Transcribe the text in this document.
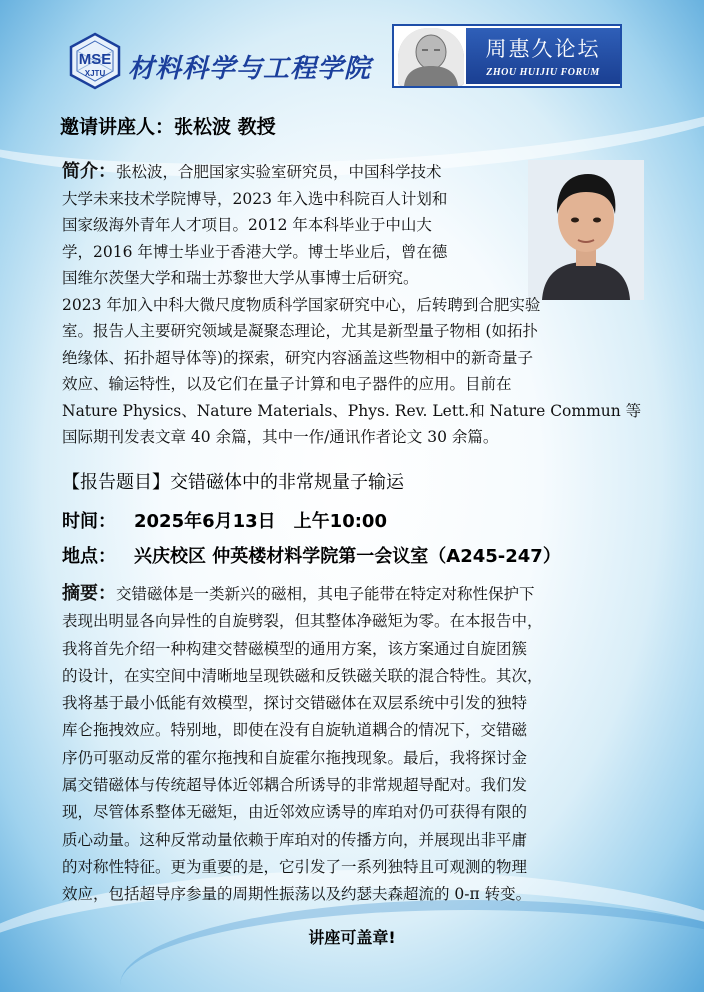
MSE
XJTU 材料科学与工程学院
周惠久论坛
ZHOU HUIJIU FORUM
邀请讲座人：张松波 教授
简介：张松波，合肥国家实验室研究员，中国科学技术
大学未来技术学院博导，2023 年入选中科院百人计划和
国家级海外青年人才项目。2012 年本科毕业于中山大
学，2016 年博士毕业于香港大学。博士毕业后，曾在德
国维尔茨堡大学和瑞士苏黎世大学从事博士后研究。
2023 年加入中科大微尺度物质科学国家研究中心，后转聘到合肥实验
室。报告人主要研究领域是凝聚态理论，尤其是新型量子物相 (如拓扑
绝缘体、拓扑超导体等)的探索，研究内容涵盖这些物相中的新奇量子
效应、输运特性，以及它们在量子计算和电子器件的应用。目前在
Nature Physics、Nature Materials、Phys. Rev. Lett.和 Nature Commun 等
国际期刊发表文章 40 余篇，其中一作/通讯作者论文 30 余篇。
【报告题目】交错磁体中的非常规量子输运
时间： 2025年6月13日 上午10:00
地点： 兴庆校区 仲英楼材料学院第一会议室（A245-247）
摘要：交错磁体是一类新兴的磁相，其电子能带在特定对称性保护下
表现出明显各向异性的自旋劈裂，但其整体净磁矩为零。在本报告中，
我将首先介绍一种构建交替磁模型的通用方案，该方案通过自旋团簇
的设计，在实空间中清晰地呈现铁磁和反铁磁关联的混合特性。其次，
我将基于最小低能有效模型，探讨交错磁体在双层系统中引发的独特
库仑拖拽效应。特别地，即使在没有自旋轨道耦合的情况下，交错磁
序仍可驱动反常的霍尔拖拽和自旋霍尔拖拽现象。最后，我将探讨金
属交错磁体与传统超导体近邻耦合所诱导的非常规超导配对。我们发
现，尽管体系整体无磁矩，由近邻效应诱导的库珀对仍可获得有限的
质心动量。这种反常动量依赖于库珀对的传播方向，并展现出非平庸
的对称性特征。更为重要的是，它引发了一系列独特且可观测的物理
效应，包括超导序参量的周期性振荡以及约瑟夫森超流的 0-π 转变。
讲座可盖章!
